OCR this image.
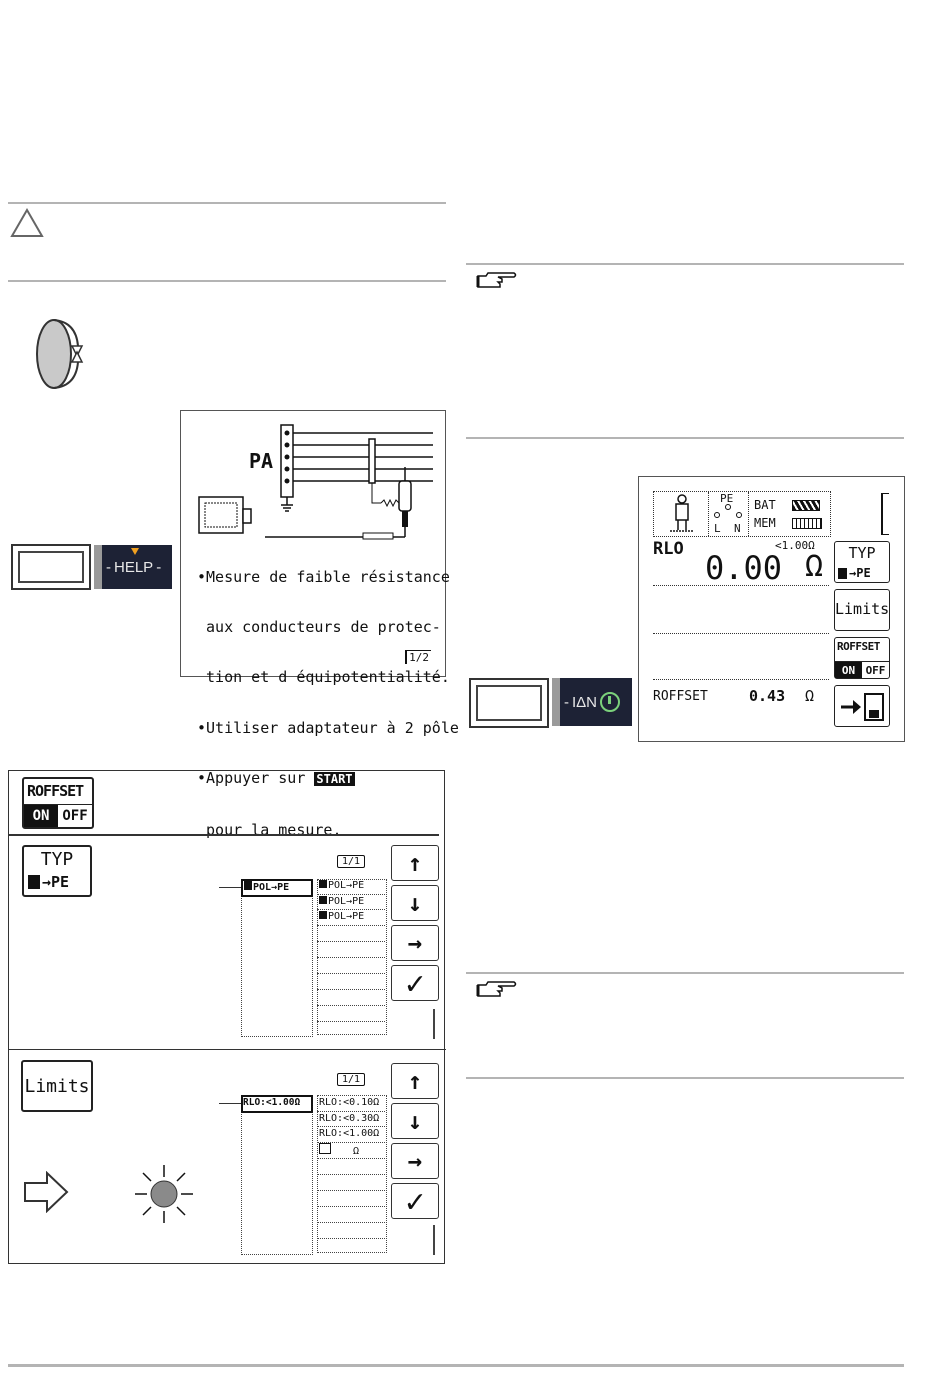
- HELP -
PA

•Mesure de faible résistance

aux conducteurs de protec-

tion et d équipotentialité.

•Utiliser adaptateur à 2 pôle

•Appuyer sur START

pour la mesure.

1/2
ROFFSET
ON OFF
TYP
→PE	POL→PE
1/1
POL→PE
POL→PE
POL→PE
↑
↓
→
✓
Limits
RLO:<1.00Ω
1/1
RLO:<0.10Ω
RLO:<0.30Ω
RLO:<1.00Ω
Ω
↑
↓
→
✓
- IΔN
PE
L N
BAT
MEM
RLO	<1.00Ω
0.00 Ω
ROFFSET	0.43 Ω
TYP
→PE
Limits
ROFFSET
ON OFF
